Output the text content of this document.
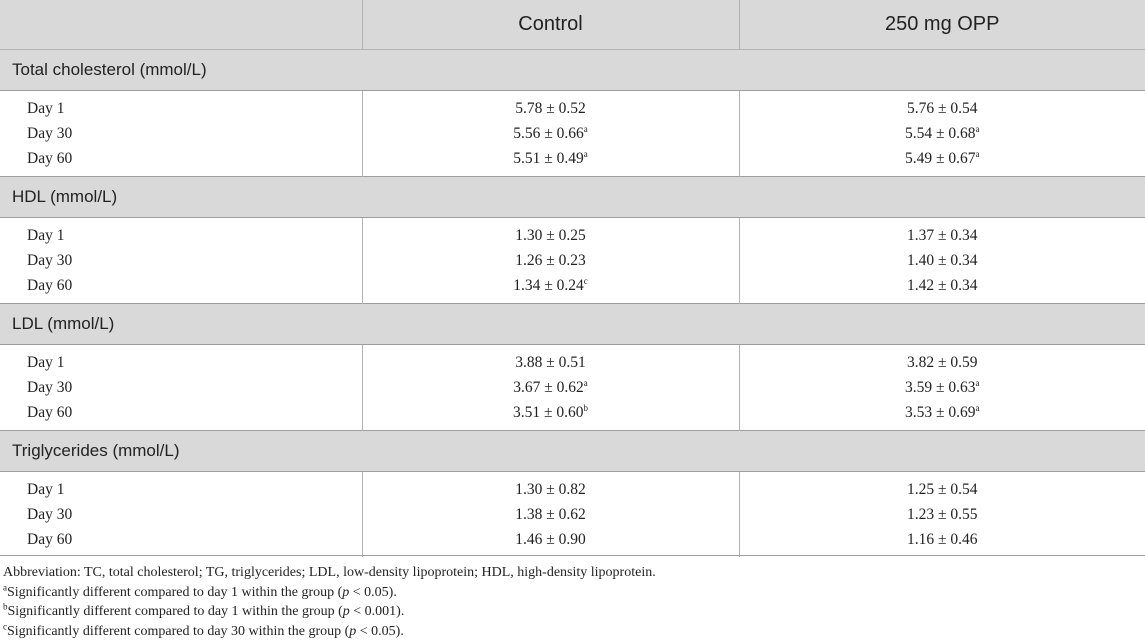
	Control	250 mg OPP
Total cholesterol (mmol/L)		
Day 1	5.78 ± 0.52	5.76 ± 0.54
Day 30	5.56 ± 0.66$^a$	5.54 ± 0.68$^a$
Day 60	5.51 ± 0.49$^a$	5.49 ± 0.67$^a$
HDL (mmol/L)		
Day 1	1.30 ± 0.25	1.37 ± 0.34
Day 30	1.26 ± 0.23	1.40 ± 0.34
Day 60	1.34 ± 0.24$^c$	1.42 ± 0.34
LDL (mmol/L)		
Day 1	3.88 ± 0.51	3.82 ± 0.59
Day 30	3.67 ± 0.62$^a$	3.59 ± 0.63$^a$
Day 60	3.51 ± 0.60$^b$	3.53 ± 0.69$^a$
Triglycerides (mmol/L)		
Day 1	1.30 ± 0.82	1.25 ± 0.54
Day 30	1.38 ± 0.62	1.23 ± 0.55
Day 60	1.46 ± 0.90	1.16 ± 0.46

Abbreviation: TC, total cholesterol; TG, triglycerides; LDL, low-density lipoprotein; HDL, high-density lipoprotein.

$^a$Significantly different compared to day 1 within the group (p < 0.05).

$^b$Significantly different compared to day 1 within the group (p < 0.001).

$^c$Significantly different compared to day 30 within the group (p < 0.05).
